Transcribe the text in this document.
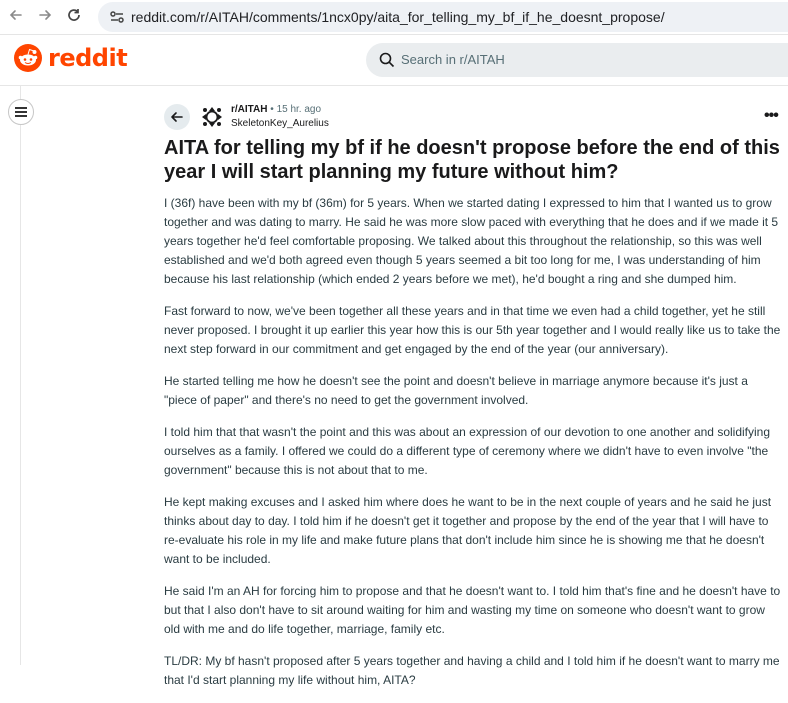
reddit.com/r/AITAH/comments/1ncx0py/aita_for_telling_my_bf_if_he_doesnt_propose/
reddit	Search in r/AITAH
r/AITAH • 15 hr. ago
SkeletonKey_Aurelius	•••
AITA for telling my bf if he doesn't propose before the end of this year I will start planning my future without him?

I (36f) have been with my bf (36m) for 5 years. When we started dating I expressed to him that I wanted us to grow together and was dating to marry. He said he was more slow paced with everything that he does and if we made it 5 years together he'd feel comfortable proposing. We talked about this throughout the relationship, so this was well established and we'd both agreed even though 5 years seemed a bit too long for me, I was understanding of him because his last relationship (which ended 2 years before we met), he'd bought a ring and she dumped him.

Fast forward to now, we've been together all these years and in that time we even had a child together, yet he still never proposed. I brought it up earlier this year how this is our 5th year together and I would really like us to take the next step forward in our commitment and get engaged by the end of the year (our anniversary).

He started telling me how he doesn't see the point and doesn't believe in marriage anymore because it's just a "piece of paper" and there's no need to get the government involved.

I told him that that wasn't the point and this was about an expression of our devotion to one another and solidifying ourselves as a family. I offered we could do a different type of ceremony where we didn't have to even involve "the government" because this is not about that to me.

He kept making excuses and I asked him where does he want to be in the next couple of years and he said he just thinks about day to day. I told him if he doesn't get it together and propose by the end of the year that I will have to re-evaluate his role in my life and make future plans that don't include him since he is showing me that he doesn't want to be included.

He said I'm an AH for forcing him to propose and that he doesn't want to. I told him that's fine and he doesn't have to but that I also don't have to sit around waiting for him and wasting my time on someone who doesn't want to grow old with me and do life together, marriage, family etc.

TL/DR: My bf hasn't proposed after 5 years together and having a child and I told him if he doesn't want to marry me that I'd start planning my life without him, AITA?
